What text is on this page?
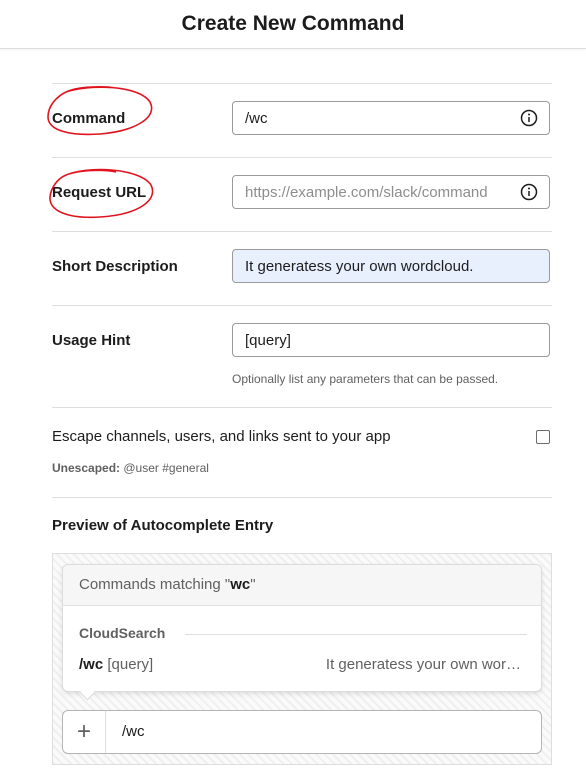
Create New Command
Command
/wc
Request URL
https://example.com/slack/command
Short Description
It generatess your own wordcloud.
Usage Hint
[query]
Optionally list any parameters that can be passed.
Escape channels, users, and links sent to your app
Unescaped: @user #general
Preview of Autocomplete Entry
Commands matching "wc"
CloudSearch
/wc [query]	It generatess your own wor…
+	/wc
